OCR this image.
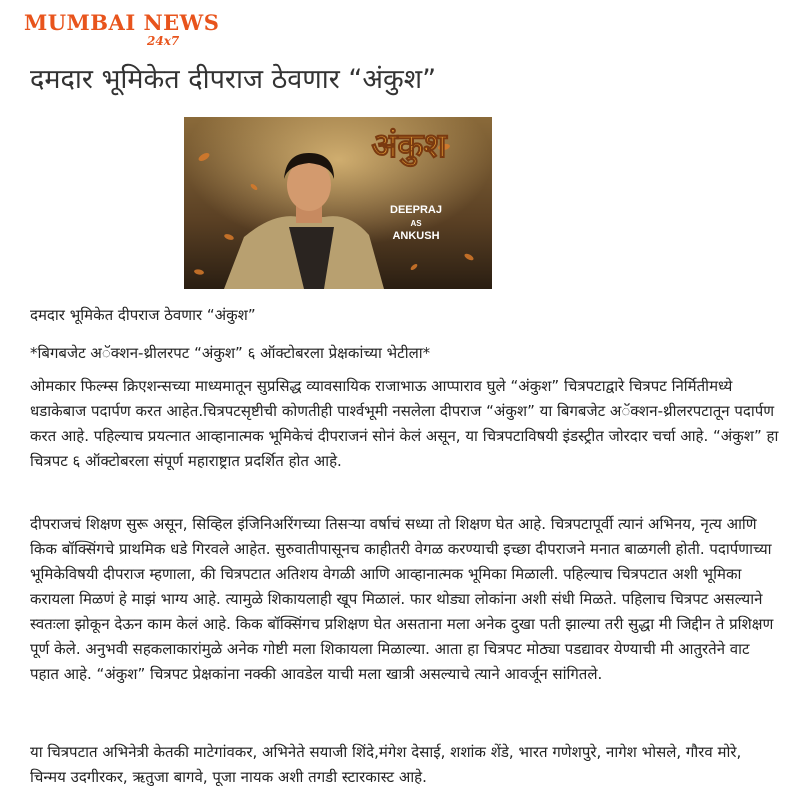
MUMBAI NEWS
24x7
दमदार भूमिकेत दीपराज ठेवणार “अंकुश”
अंकुश
DEEPRAJ
AS
ANKUSH

दमदार भूमिकेत दीपराज ठेवणार “अंकुश”

*बिगबजेट अॅक्शन-थ्रीलरपट “अंकुश” ६ ऑक्टोबरला प्रेक्षकांच्या भेटीला*

ओमकार फिल्म्स क्रिएशन्सच्या माध्यमातून सुप्रसिद्ध व्यावसायिक राजाभाऊ आप्पाराव घुले “अंकुश” चित्रपटाद्वारे चित्रपट निर्मितीमध्ये धडाकेबाज पदार्पण करत आहेत.चित्रपटसृष्टीची कोणतीही पार्श्वभूमी नसलेला दीपराज “अंकुश” या बिगबजेट अॅक्शन-थ्रीलरपटातून पदार्पण करत आहे. पहिल्याच प्रयत्नात आव्हानात्मक भूमिकेचं दीपराजनं सोनं केलं असून, या चित्रपटाविषयी इंडस्ट्रीत जोरदार चर्चा आहे. “अंकुश” हा चित्रपट ६ ऑक्टोबरला संपूर्ण महाराष्ट्रात प्रदर्शित होत आहे.

दीपराजचं शिक्षण सुरू असून, सिव्हिल इंजिनिअरिंगच्या तिसऱ्या वर्षाचं सध्या तो शिक्षण घेत आहे. चित्रपटापूर्वी त्यानं अभिनय, नृत्य आणि किक बॉक्सिंगचे प्राथमिक धडे गिरवले आहेत. सुरुवातीपासूनच काहीतरी वेगळ करण्याची इच्छा दीपराजने मनात बाळगली होती. पदार्पणाच्या भूमिकेविषयी दीपराज म्हणाला, की चित्रपटात अतिशय वेगळी आणि आव्हानात्मक भूमिका मिळाली. पहिल्याच चित्रपटात अशी भूमिका करायला मिळणं हे माझं भाग्य आहे. त्यामुळे शिकायलाही खूप मिळालं. फार थोड्या लोकांना अशी संधी मिळते. पहिलाच चित्रपट असल्याने स्वतःला झोकून देऊन काम केलं आहे. किक बॉक्सिंगच प्रशिक्षण घेत असताना मला अनेक दुखा पती झाल्या तरी सुद्धा मी जिद्दीन ते प्रशिक्षण पूर्ण केले. अनुभवी सहकलाकारांमुळे अनेक गोष्टी मला शिकायला मिळाल्या. आता हा चित्रपट मोठ्या पडद्यावर येण्याची मी आतुरतेने वाट पहात आहे. “अंकुश” चित्रपट प्रेक्षकांना नक्की आवडेल याची मला खात्री असल्याचे त्याने आवर्जून सांगितले.

या चित्रपटात अभिनेत्री केतकी माटेगांवकर, अभिनेते सयाजी शिंदे,मंगेश देसाई, शशांक शेंडे, भारत गणेशपुरे, नागेश भोसले, गौरव मोरे, चिन्मय उदगीरकर, ऋतुजा बागवे, पूजा नायक अशी तगडी स्टारकास्ट आहे.
